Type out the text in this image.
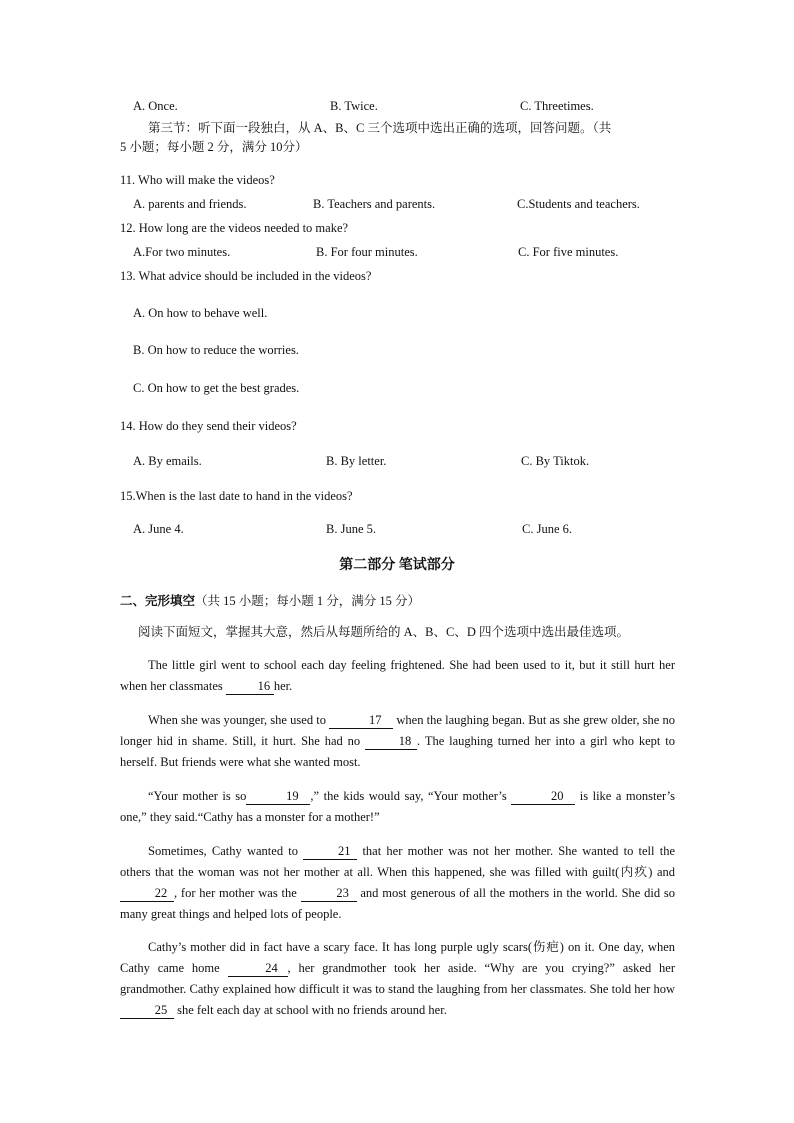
A. Once.	B. Twice.	C. Threetimes.
第三节：听下面一段独白，从 A、B、C 三个选项中选出正确的选项，回答问题。（共
5 小题；每小题 2 分，满分 10分）
11. Who will make the videos?
A. parents and friends.	B. Teachers and parents.	C.Students and teachers.
12. How long are the videos needed to make?
A.For two minutes.	B. For four minutes.	C. For five minutes.
13. What advice should be included in the videos?
A. On how to behave well.
B. On how to reduce the worries.
C. On how to get the best grades.
14. How do they send their videos?
A. By emails.	B. By letter.	C. By Tiktok.
15.When is the last date to hand in the videos?
A. June 4.	B. June 5.	C. June 6.
第二部分 笔试部分
二、完形填空（共 15 小题；每小题 1 分，满分 15 分）
阅读下面短文，掌握其大意，然后从每题所给的 A、B、C、D 四个选项中选出最佳选项。

The little girl went to school each day feeling frightened. She had been used to it, but it still hurt her when her classmates	16 her.

When she was younger, she used to	17 when the laughing began. But as she grew older, she no longer hid in shame. Still, it hurt. She had no	18 . The laughing turned her into a girl who kept to herself. But friends were what she wanted most.

“Your mother is so	19 ,” the kids would say, “Your mother’s	20 is like a monster’s one,” they said.“Cathy has a monster for a mother!”

Sometimes, Cathy wanted to	21 that her mother was not her mother. She wanted to tell the others that the woman was not her mother at all. When this happened, she was filled with guilt(内疚) and 22 , for her mother was the	23 and most generous of all the mothers in the world. She did so many great things and helped lots of people.

Cathy’s mother did in fact have a scary face. It has long purple ugly scars(伤疤) on it. One day, when Cathy came home	24 , her grandmother took her aside. “Why are you crying?” asked her grandmother. Cathy explained how difficult it was to stand the laughing from her classmates. She told her how 25 she felt each day at school with no friends around her.
